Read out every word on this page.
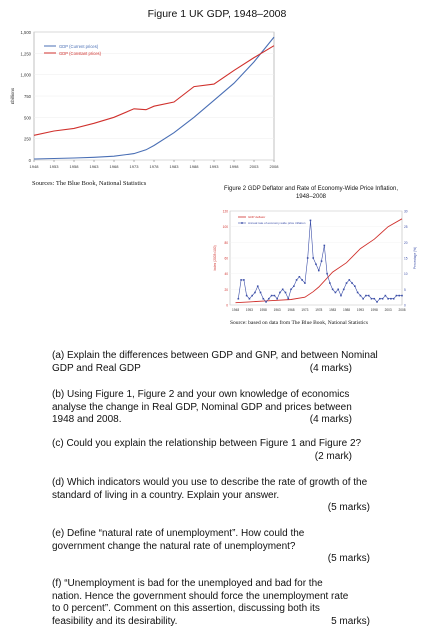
Figure 1 UK GDP, 1948–2008
0
250
500
750
1,000
1,250
1,500
1948	1953	1958	1963	1968	1973	1978	1983	1988	1993	1998	2003	2008
£billions
GDP (Current prices)
GDP (Constant prices)
Sources: The Blue Book, National Statistics
Figure 2 GDP Deflator and Rate of Economy-Wide Price Inflation,
1948–2008
0
20
40
60
80
100
120
0
5
10
15
20
25
30
1948 1953 1958 1963 1968 1973 1978 1983 1988 1993 1998 2003 2008
Index (2003=100)	Percentage (%)
GDP deflator
Annual rate of economy-wide price inflation
Source: based on data from The Blue Book, National Statistics
(a) Explain the differences between GDP and GNP, and between Nominal GDP and Real GDP	(4 marks)
(b) Using Figure 1, Figure 2 and your own knowledge of economics analyse the change in Real GDP, Nominal GDP and prices between 1948 and 2008.	(4 marks)
(c) Could you explain the relationship between Figure 1 and Figure 2?
(2 mark)
(d) Which indicators would you use to describe the rate of growth of the standard of living in a country. Explain your answer.
(5 marks)
(e) Define “natural rate of unemployment”. How could the government change the natural rate of unemployment?
(5 marks)
(f) “Unemployment is bad for the unemployed and bad for the nation. Hence the government should force the unemployment rate to 0 percent”. Comment on this assertion, discussing both its feasibility and its desirability.	5 marks)
